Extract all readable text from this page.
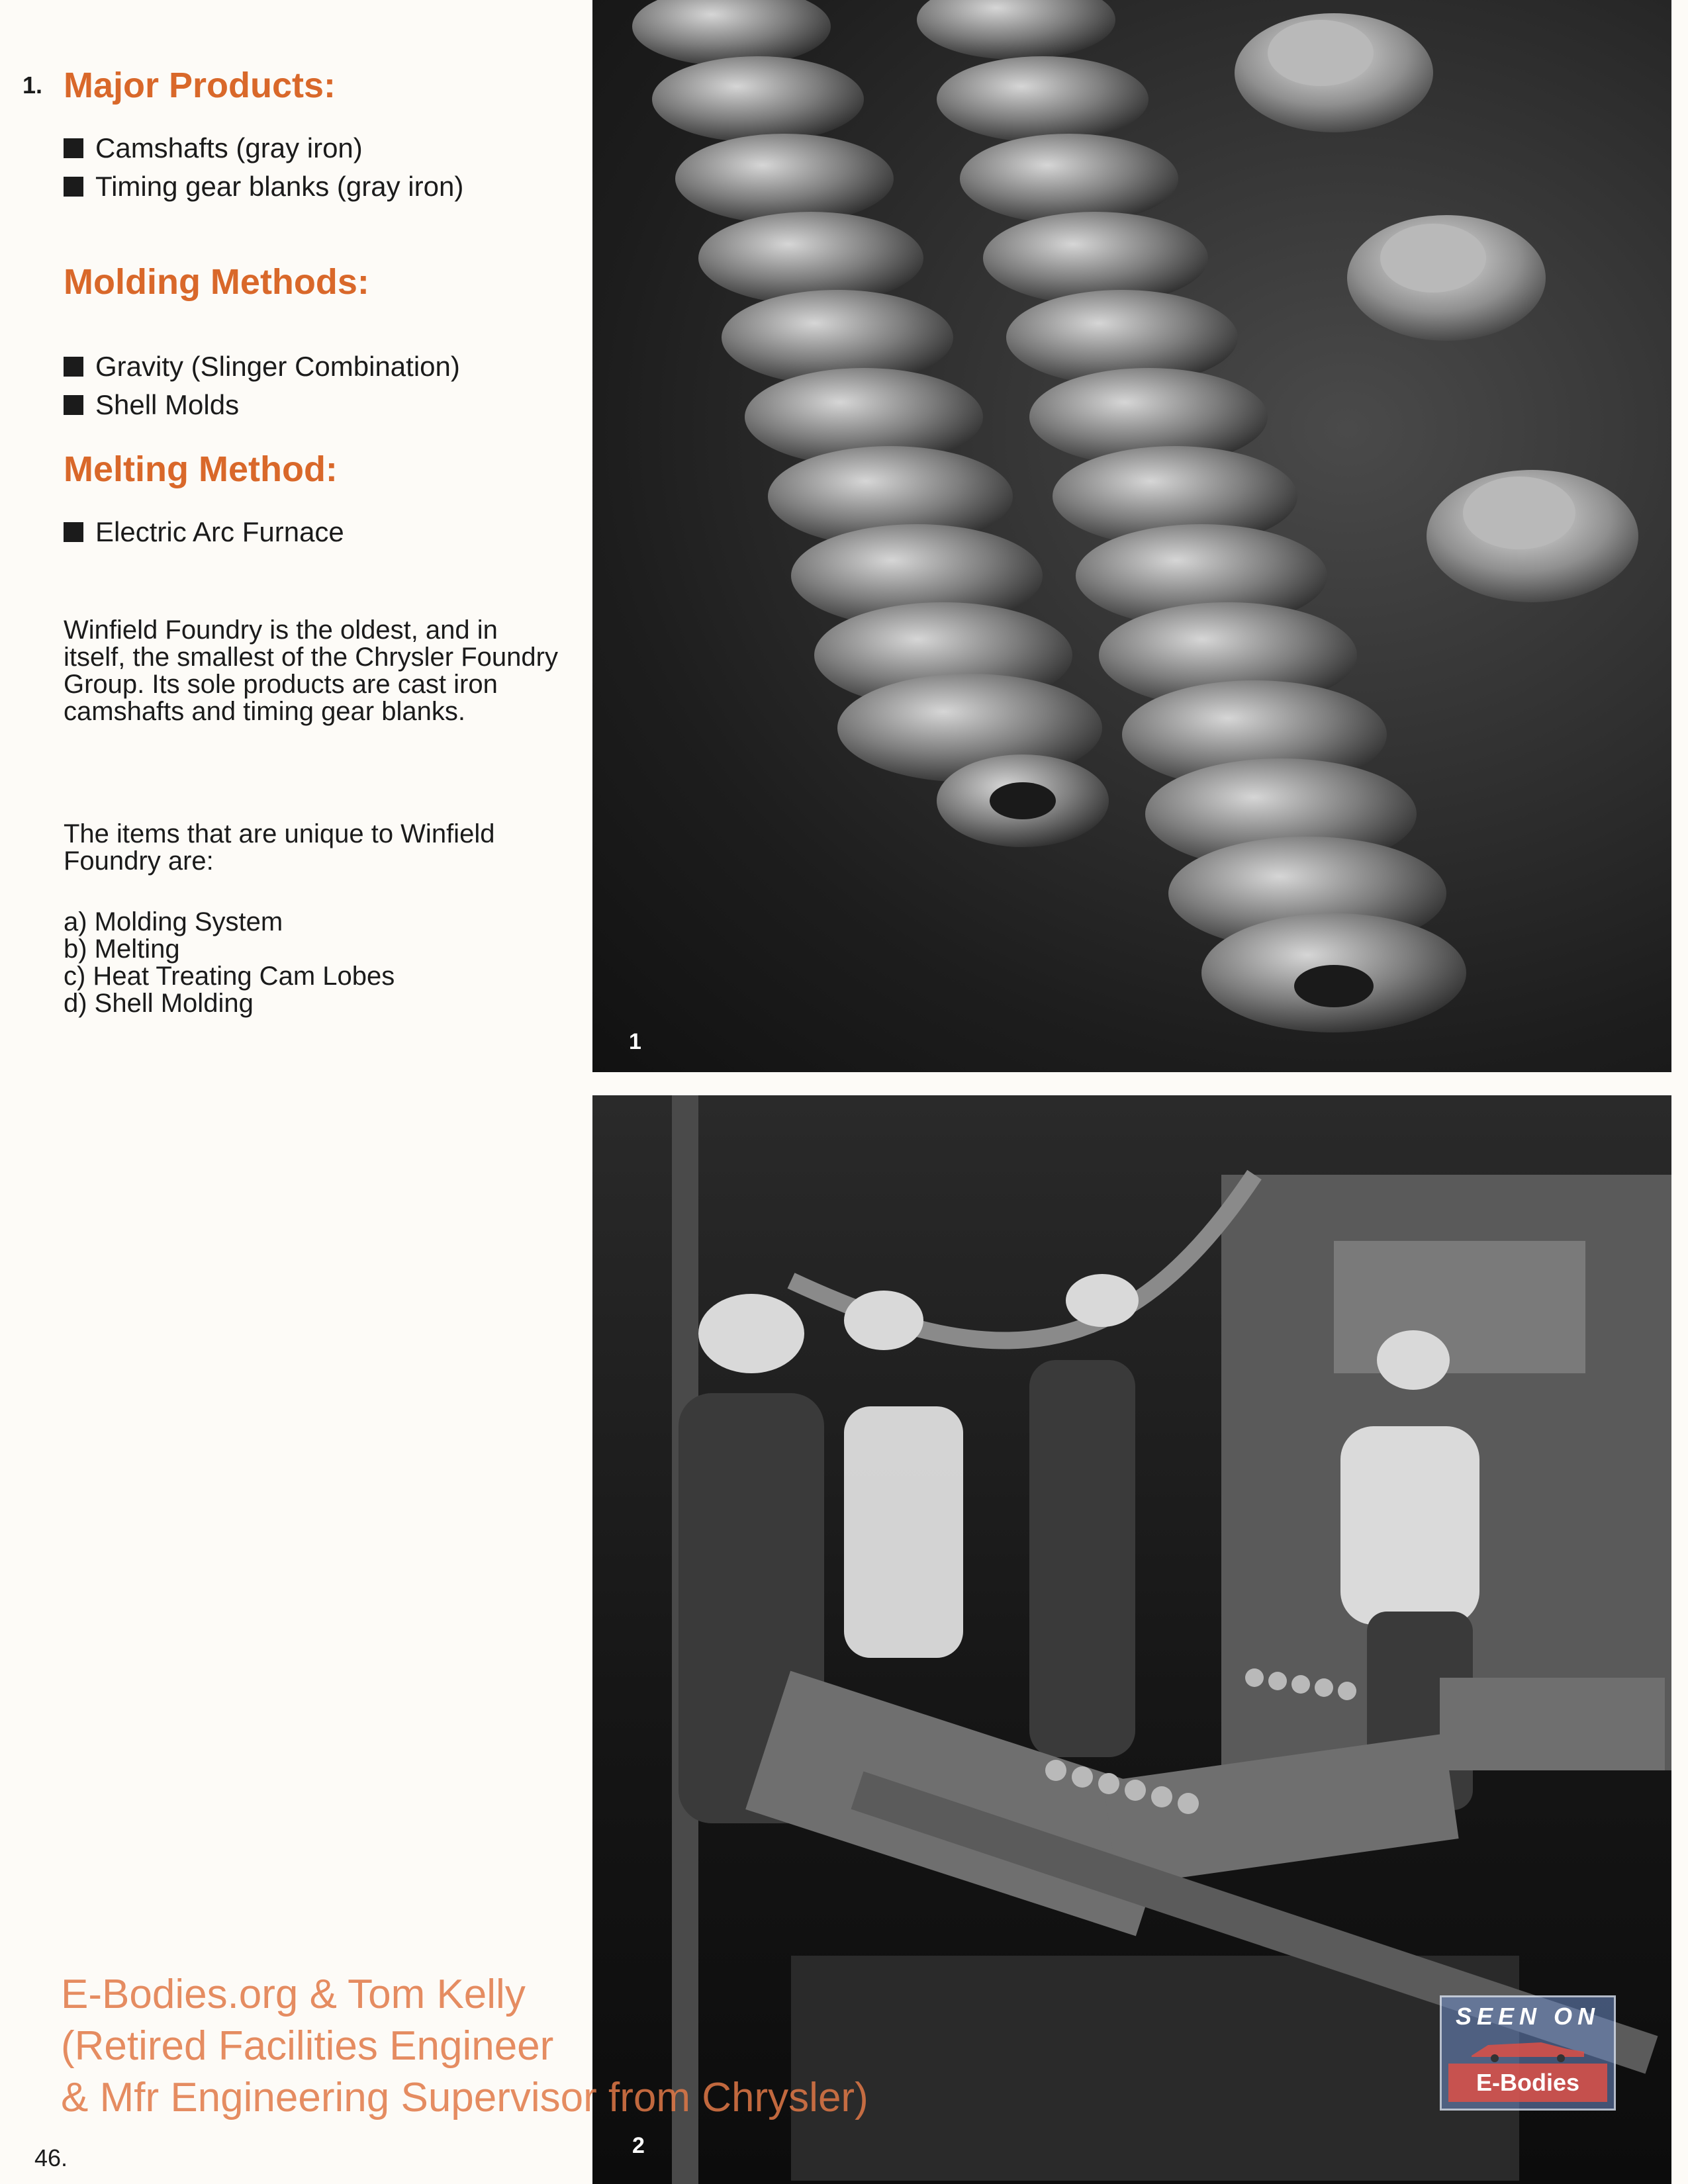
1. Major Products:
Camshafts (gray iron)
Timing gear blanks (gray iron)
Molding Methods:
Gravity (Slinger Combination)
Shell Molds
Melting Method:
Electric Arc Furnace

Winfield Foundry is the oldest, and in itself, the smallest of the Chrysler Foundry Group. Its sole products are cast iron camshafts and timing gear blanks.

The items that are unique to Winfield Foundry are:

a) Molding System
b) Melting
c) Heat Treating Cam Lobes
d) Shell Molding
1
2
E-Bodies.org & Tom Kelly
(Retired Facilities Engineer
& Mfr Engineering Supervisor from Chrysler)
SEEN ON
E-Bodies
46.
